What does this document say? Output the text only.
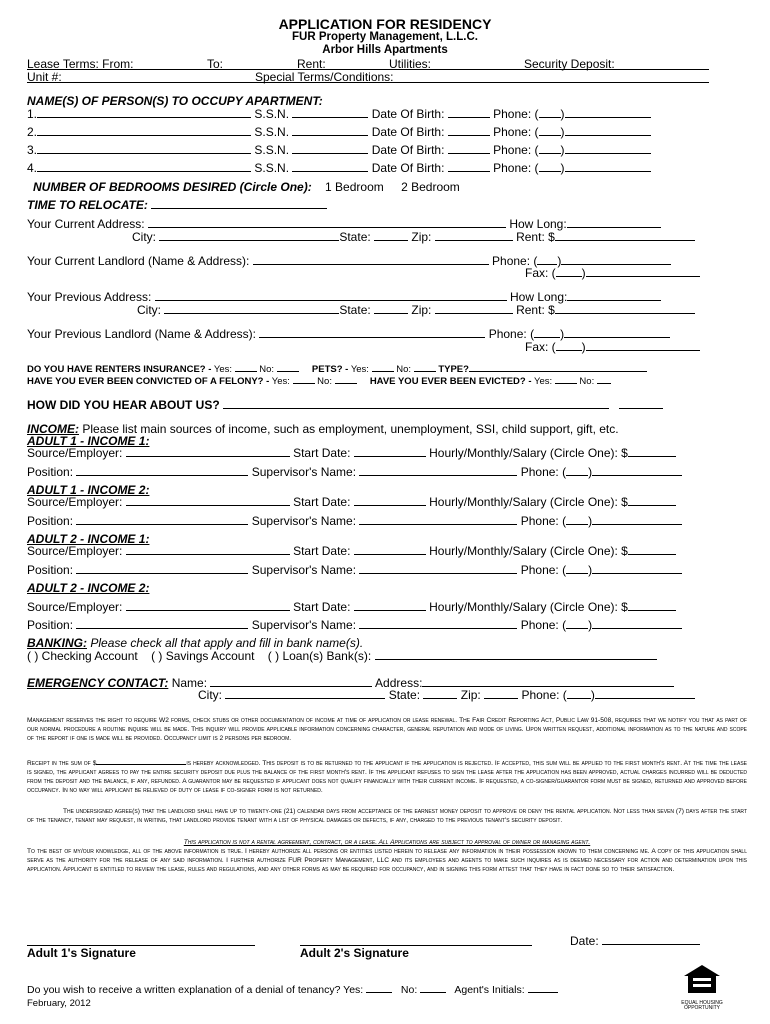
APPLICATION FOR RESIDENCY
FUR Property Management, L.L.C.
Arbor Hills Apartments
Lease Terms: From:	To:	Rent:	Utilities:	Security Deposit:
Unit #:	Special Terms/Conditions:
NAME(S) OF PERSON(S) TO OCCUPY APARTMENT:
1.	S.S.N.	Date Of Birth:	Phone: ( )
2.	S.S.N.	Date Of Birth:	Phone: ( )
3.	S.S.N.	Date Of Birth:	Phone: ( )
4.	S.S.N.	Date Of Birth:	Phone: ( )
NUMBER OF BEDROOMS DESIRED (Circle One): 1 Bedroom 2 Bedroom
TIME TO RELOCATE:
Your Current Address:	How Long:
City:	State:	Zip:	Rent: $
Your Current Landlord (Name & Address):	Phone: ( )
Fax: ( )
Your Previous Address:	How Long:
City:	State:	Zip:	Rent: $
Your Previous Landlord (Name & Address):	Phone: ( )
Fax: ( )
DO YOU HAVE RENTERS INSURANCE? - Yes:	No:	PETS? - Yes:	No:	TYPE?
HAVE YOU EVER BEEN CONVICTED OF A FELONY? - Yes:	No:	HAVE YOU EVER BEEN EVICTED? - Yes:	No:
HOW DID YOU HEAR ABOUT US?
INCOME: Please list main sources of income, such as employment, unemployment, SSI, child support, gift, etc.
ADULT 1 - INCOME 1:
Source/Employer:	Start Date:	Hourly/Monthly/Salary (Circle One): $
Position:	Supervisor's Name:	Phone: ( )
ADULT 1 - INCOME 2:
Source/Employer:	Start Date:	Hourly/Monthly/Salary (Circle One): $
Position:	Supervisor's Name:	Phone: ( )
ADULT 2 - INCOME 1:
Source/Employer:	Start Date:	Hourly/Monthly/Salary (Circle One): $
Position:	Supervisor's Name:	Phone: ( )
ADULT 2 - INCOME 2:
Source/Employer:	Start Date:	Hourly/Monthly/Salary (Circle One): $
Position:	Supervisor's Name:	Phone: ( )
BANKING: Please check all that apply and fill in bank name(s).
( ) Checking Account ( ) Savings Account ( ) Loan(s) Bank(s):
EMERGENCY CONTACT: Name:	Address:
City:	State:	Zip:	Phone: ( )
Management reserves the right to require W2 forms, check stubs or other documentation of income at time of application or lease renewal. The Fair Credit Reporting Act, Public Law 91-508, requires that we notify you that as part of our normal procedure a routine inquire will be made. This inquiry will provide applicable information concerning character, general reputation and mode of living. Upon written request, additional information as to the nature and scope of the report if one is made will be provided. Occupancy limit is 2 persons per bedroom.
Receipt in the sum of $	is hereby acknowledged. This deposit is to be returned to the applicant if the application is rejected. If accepted, this sum will be applied to the first month's rent. At the time the lease is signed, the applicant agrees to pay the entire security deposit due plus the balance of the first month's rent. If the applicant refuses to sign the lease after the application has been approved, actual charges incurred will be deducted from the deposit and the balance, if any, refunded. A guarantor may be requested if applicant does not qualify financially with their current income. If requested, a co-signer/guarantor form must be signed, returned and approved before occupancy. In no way will applicant be relieved of duty of lease if co-signer form is not returned.
The undersigned agree(s) that the landlord shall have up to twenty-one (21) calendar days from acceptance of the earnest money deposit to approve or deny the rental application. Not less than seven (7) days after the start of the tenancy, tenant may request, in writing, that landlord provide tenant with a list of physical damages or defects, if any, charged to the previous tenant's security deposit.
This application is not a rental agreement, contract, or a lease. All Applications are subject to approval of owner or managing agent.
To the best of my/our knowledge, all of the above information is true. I hereby authorize all persons or entities listed herein to release any information in their possession known to them concerning me. A copy of this application shall serve as the authority for the release of any said information. I further authorize FUR Property Management, LLC and its employees and agents to make such inquires as is deemed necessary for action and determination upon this application. Applicant is entitled to review the lease, rules and regulations, and any other forms as may be required for occupancy, and in signing this form attest that they have in fact done so to their satisfaction.
Date:
Adult 1's Signature	Adult 2's Signature
Do you wish to receive a written explanation of a denial of tenancy? Yes:	No:	Agent's Initials:
February, 2012	EQUAL HOUSING
OPPORTUNITY
